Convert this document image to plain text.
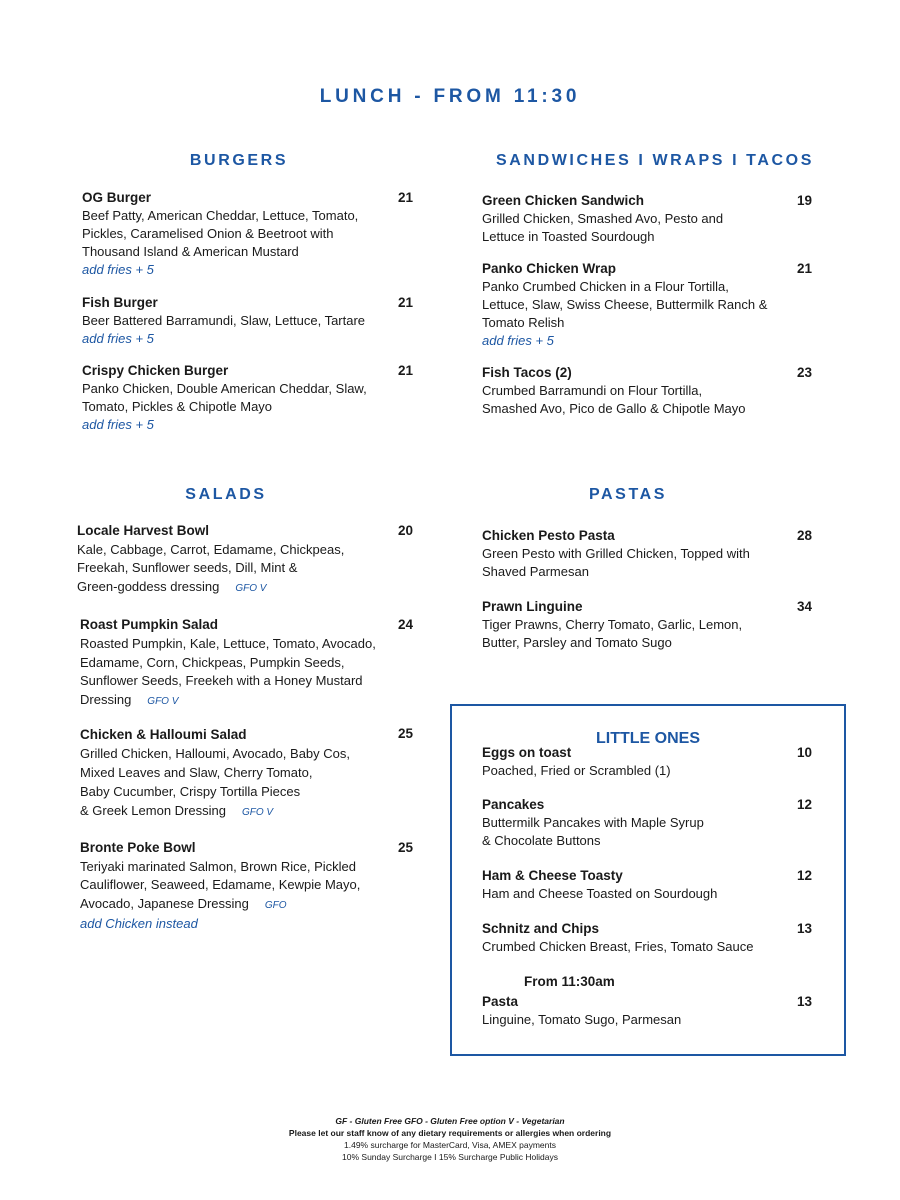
LUNCH - FROM 11:30
BURGERS
OG Burger
Beef Patty, American Cheddar, Lettuce, Tomato,
Pickles, Caramelised Onion & Beetroot with
Thousand Island & American Mustard
add fries + 5
21
Fish Burger
Beer Battered Barramundi, Slaw, Lettuce, Tartare
add fries + 5
21
Crispy Chicken Burger
Panko Chicken, Double American Cheddar, Slaw,
Tomato, Pickles & Chipotle Mayo
add fries + 5
21
SANDWICHES I WRAPS I TACOS
Green Chicken Sandwich
Grilled Chicken, Smashed Avo, Pesto and
Lettuce in Toasted Sourdough
19
Panko Chicken Wrap
Panko Crumbed Chicken in a Flour Tortilla,
Lettuce, Slaw, Swiss Cheese, Buttermilk Ranch &
Tomato Relish
add fries + 5
21
Fish Tacos (2)
Crumbed Barramundi on Flour Tortilla,
Smashed Avo, Pico de Gallo & Chipotle Mayo
23
SALADS
Locale Harvest Bowl
Kale, Cabbage, Carrot, Edamame, Chickpeas,
Freekah, Sunflower seeds, Dill, Mint &
Green-goddess dressing GFO V
20
Roast Pumpkin Salad
Roasted Pumpkin, Kale, Lettuce, Tomato, Avocado,
Edamame, Corn, Chickpeas, Pumpkin Seeds,
Sunflower Seeds, Freekeh with a Honey Mustard
Dressing GFO V
24
Chicken & Halloumi Salad
Grilled Chicken, Halloumi, Avocado, Baby Cos,
Mixed Leaves and Slaw, Cherry Tomato,
Baby Cucumber, Crispy Tortilla Pieces
& Greek Lemon Dressing GFO V
25
Bronte Poke Bowl
Teriyaki marinated Salmon, Brown Rice, Pickled
Cauliflower, Seaweed, Edamame, Kewpie Mayo,
Avocado, Japanese Dressing GFO
add Chicken instead
25
PASTAS
Chicken Pesto Pasta
Green Pesto with Grilled Chicken, Topped with
Shaved Parmesan
28
Prawn Linguine
Tiger Prawns, Cherry Tomato, Garlic, Lemon,
Butter, Parsley and Tomato Sugo
34
LITTLE ONES
Eggs on toast
Poached, Fried or Scrambled (1)
10
Pancakes
Buttermilk Pancakes with Maple Syrup
& Chocolate Buttons
12
Ham & Cheese Toasty
Ham and Cheese Toasted on Sourdough
12
Schnitz and Chips
Crumbed Chicken Breast, Fries, Tomato Sauce
13
From 11:30am
Pasta
Linguine, Tomato Sugo, Parmesan
13
GF - Gluten Free GFO - Gluten Free option V - Vegetarian
Please let our staff know of any dietary requirements or allergies when ordering
1.49% surcharge for MasterCard, Visa, AMEX payments
10% Sunday Surcharge I 15% Surcharge Public Holidays
